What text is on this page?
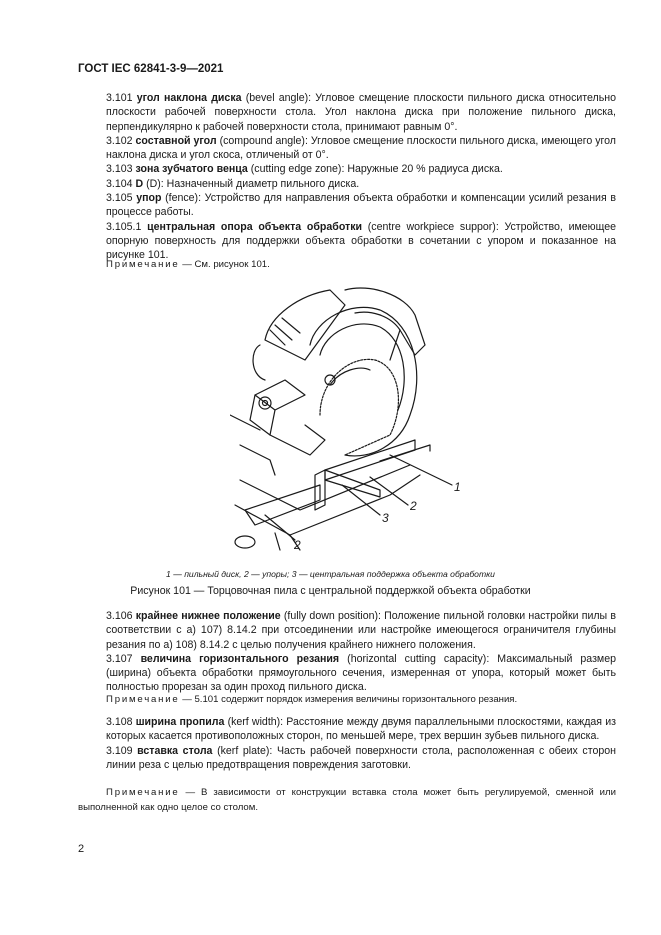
ГОСТ IEC 62841-3-9—2021

3.101 угол наклона диска (bevel angle): Угловое смещение плоскости пильного диска относительно плоскости рабочей поверхности стола. Угол наклона диска при положение пильного диска, перпендикулярно к рабочей поверхности стола, принимают равным 0°.

3.102 составной угол (compound angle): Угловое смещение плоскости пильного диска, имеющего угол наклона диска и угол скоса, отличеный от 0°.

3.103 зона зубчатого венца (cutting edge zone): Наружные 20 % радиуса диска.

3.104 D (D): Назначенный диаметр пильного диска.

3.105 упор (fence): Устройство для направления объекта обработки и компенсации усилий резания в процессе работы.

3.105.1 центральная опора объекта обработки (centre workpiece suppor): Устройство, имеющее опорную поверхность для поддержки объекта обработки в сочетании с упором и показанное на рисунке 101.

Примечание — См. рисунок 101.
1
2
3
2
1 — пильный диск, 2 — упоры; 3 — центральная поддержка объекта обработки
Рисунок 101 — Торцовочная пила с центральной поддержкой объекта обработки

3.106 крайнее нижнее положение (fully down position): Положение пильной головки настройки пилы в соответствии с а) 107) 8.14.2 при отсоединении или настройке имеющегося ограничителя глубины резания по а) 108) 8.14.2 с целью получения крайнего нижнего положения.

3.107 величина горизонтального резания (horizontal cutting capacity): Максимальный размер (ширина) объекта обработки прямоугольного сечения, измеренная от упора, который может быть полностью прорезан за один проход пильного диска.

Примечание — 5.101 содержит порядок измерения величины горизонтального резания.

3.108 ширина пропила (kerf width): Расстояние между двумя параллельными плоскостями, каждая из которых касается противоположных сторон, по меньшей мере, трех вершин зубьев пильного диска.

3.109 вставка стола (kerf plate): Часть рабочей поверхности стола, расположенная с обеих сторон линии реза с целью предотвращения повреждения заготовки.

Примечание — В зависимости от конструкции вставка стола может быть регулируемой, сменной или выполненной как одно целое со столом.
2
